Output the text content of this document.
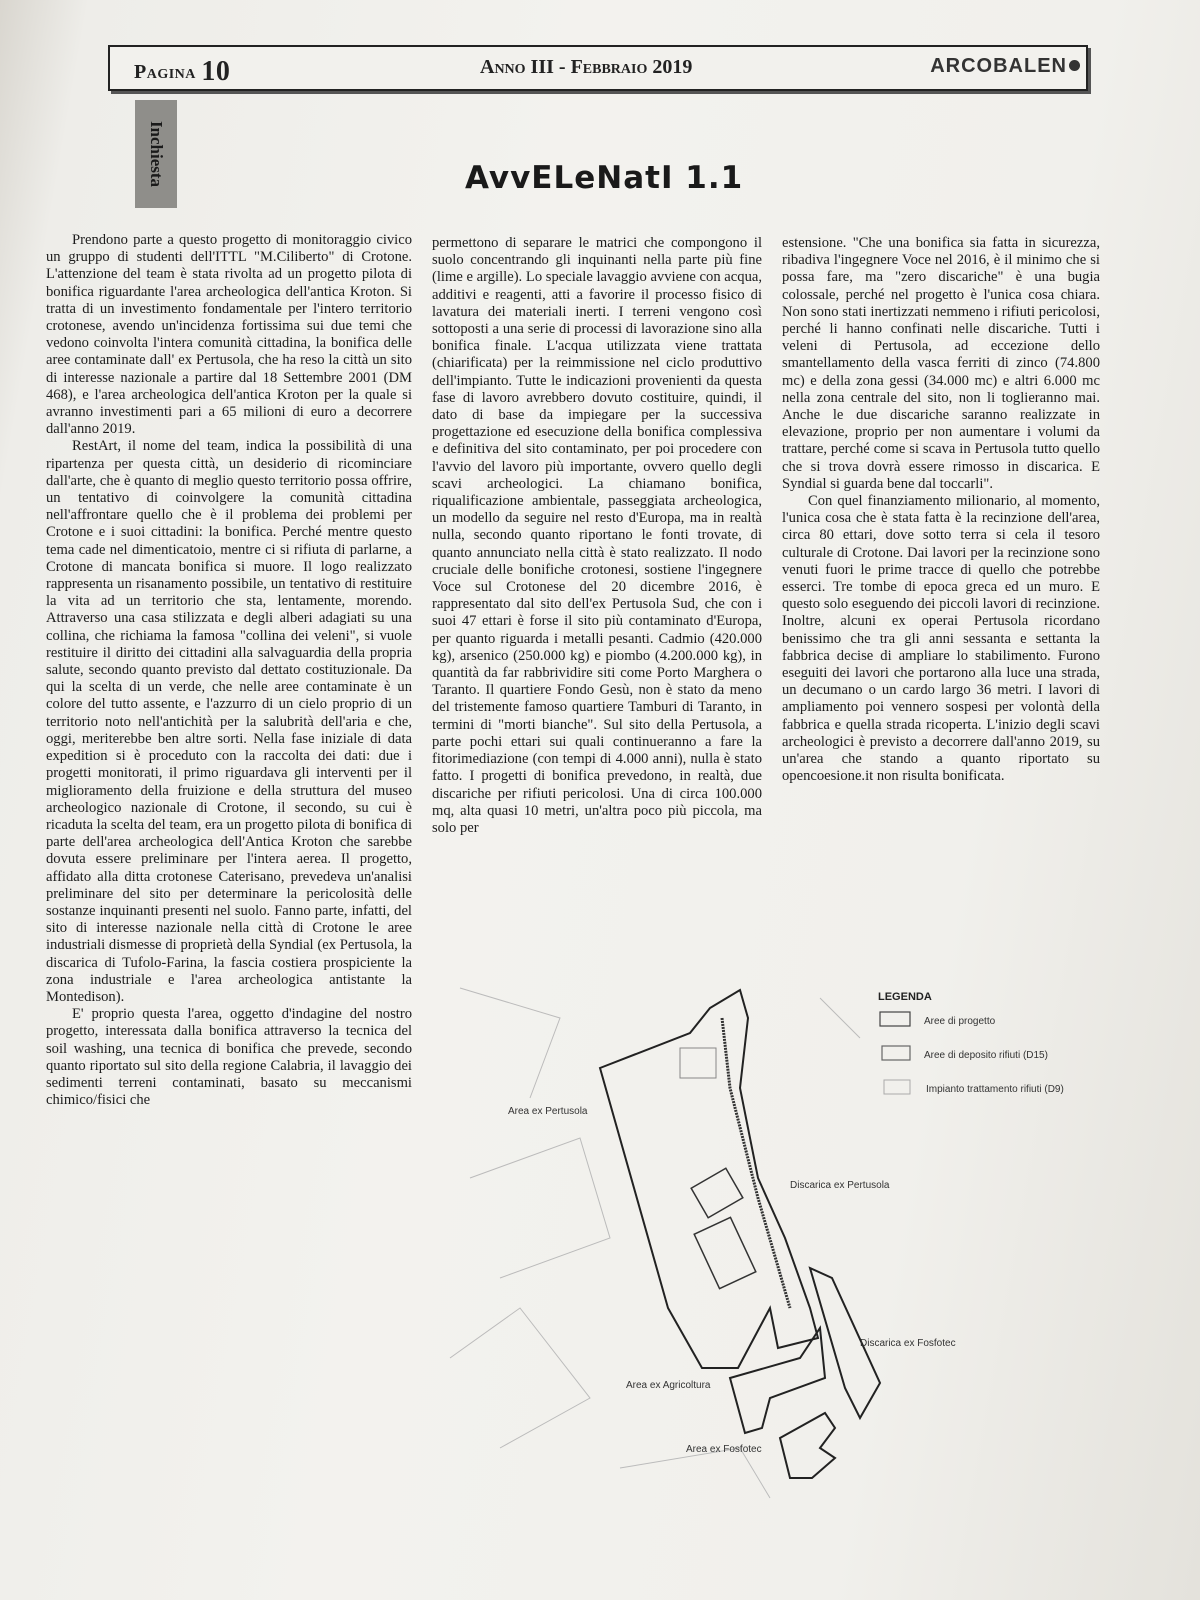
Pagina 10	Anno III - Febbraio 2019	ARCOBALEN
Inchiesta	AvvELeNatI 1.1

Prendono parte a questo progetto di monitoraggio civico un gruppo di studenti dell'ITTL "M.Ciliberto" di Crotone. L'attenzione del team è stata rivolta ad un progetto pilota di bonifica riguardante l'area archeologica dell'antica Kroton. Si tratta di un investimento fondamentale per l'intero territorio crotonese, avendo un'incidenza fortissima sui due temi che vedono coinvolta l'intera comunità cittadina, la bonifica delle aree contaminate dall' ex Pertusola, che ha reso la città un sito di interesse nazionale a partire dal 18 Settembre 2001 (DM 468), e l'area archeologica dell'antica Kroton per la quale si avranno investimenti pari a 65 milioni di euro a decorrere dall'anno 2019.

RestArt, il nome del team, indica la possibilità di una ripartenza per questa città, un desiderio di ricominciare dall'arte, che è quanto di meglio questo territorio possa offrire, un tentativo di coinvolgere la comunità cittadina nell'affrontare quello che è il problema dei problemi per Crotone e i suoi cittadini: la bonifica. Perché mentre questo tema cade nel dimenticatoio, mentre ci si rifiuta di parlarne, a Crotone di mancata bonifica si muore. Il logo realizzato rappresenta un risanamento possibile, un tentativo di restituire la vita ad un territorio che sta, lentamente, morendo. Attraverso una casa stilizzata e degli alberi adagiati su una collina, che richiama la famosa "collina dei veleni", si vuole restituire il diritto dei cittadini alla salvaguardia della propria salute, secondo quanto previsto dal dettato costituzionale. Da qui la scelta di un verde, che nelle aree contaminate è un colore del tutto assente, e l'azzurro di un cielo proprio di un territorio noto nell'antichità per la salubrità dell'aria e che, oggi, meriterebbe ben altre sorti. Nella fase iniziale di data expedition si è proceduto con la raccolta dei dati: due i progetti monitorati, il primo riguardava gli interventi per il miglioramento della fruizione e della struttura del museo archeologico nazionale di Crotone, il secondo, su cui è ricaduta la scelta del team, era un progetto pilota di bonifica di parte dell'area archeologica dell'Antica Kroton che sarebbe dovuta essere preliminare per l'intera aerea. Il progetto, affidato alla ditta crotonese Caterisano, prevedeva un'analisi preliminare del sito per determinare la pericolosità delle sostanze inquinanti presenti nel suolo. Fanno parte, infatti, del sito di interesse nazionale nella città di Crotone le aree industriali dismesse di proprietà della Syndial (ex Pertusola, la discarica di Tufolo-Farina, la fascia costiera prospiciente la zona industriale e l'area archeologica antistante la Montedison).

E' proprio questa l'area, oggetto d'indagine del nostro progetto, interessata dalla bonifica attraverso la tecnica del soil washing, una tecnica di bonifica che prevede, secondo quanto riportato sul sito della regione Calabria, il lavaggio dei sedimenti terreni contaminati, basato su meccanismi chimico/fisici che

permettono di separare le matrici che compongono il suolo concentrando gli inquinanti nella parte più fine (lime e argille). Lo speciale lavaggio avviene con acqua, additivi e reagenti, atti a favorire il processo fisico di lavatura dei materiali inerti. I terreni vengono così sottoposti a una serie di processi di lavorazione sino alla bonifica finale. L'acqua utilizzata viene trattata (chiarificata) per la reimmissione nel ciclo produttivo dell'impianto. Tutte le indicazioni provenienti da questa fase di lavoro avrebbero dovuto costituire, quindi, il dato di base da impiegare per la successiva progettazione ed esecuzione della bonifica complessiva e definitiva del sito contaminato, per poi procedere con l'avvio del lavoro più importante, ovvero quello degli scavi archeologici. La chiamano bonifica, riqualificazione ambientale, passeggiata archeologica, un modello da seguire nel resto d'Europa, ma in realtà nulla, secondo quanto riportano le fonti trovate, di quanto annunciato nella città è stato realizzato. Il nodo cruciale delle bonifiche crotonesi, sostiene l'ingegnere Voce sul Crotonese del 20 dicembre 2016, è rappresentato dal sito dell'ex Pertusola Sud, che con i suoi 47 ettari è forse il sito più contaminato d'Europa, per quanto riguarda i metalli pesanti. Cadmio (420.000 kg), arsenico (250.000 kg) e piombo (4.200.000 kg), in quantità da far rabbrividire siti come Porto Marghera o Taranto. Il quartiere Fondo Gesù, non è stato da meno del tristemente famoso quartiere Tamburi di Taranto, in termini di "morti bianche". Sul sito della Pertusola, a parte pochi ettari sui quali continueranno a fare la fitorimediazione (con tempi di 4.000 anni), nulla è stato fatto. I progetti di bonifica prevedono, in realtà, due discariche per rifiuti pericolosi. Una di circa 100.000 mq, alta quasi 10 metri, un'altra poco più piccola, ma solo per

estensione. "Che una bonifica sia fatta in sicurezza, ribadiva l'ingegnere Voce nel 2016, è il minimo che si possa fare, ma "zero discariche" è una bugia colossale, perché nel progetto è l'unica cosa chiara. Non sono stati inertizzati nemmeno i rifiuti pericolosi, perché li hanno confinati nelle discariche. Tutti i veleni di Pertusola, ad eccezione dello smantellamento della vasca ferriti di zinco (74.800 mc) e della zona gessi (34.000 mc) e altri 6.000 mc nella zona centrale del sito, non li toglieranno mai. Anche le due discariche saranno realizzate in elevazione, proprio per non aumentare i volumi da trattare, perché come si scava in Pertusola tutto quello che si trova dovrà essere rimosso in discarica. E Syndial si guarda bene dal toccarli".

Con quel finanziamento milionario, al momento, l'unica cosa che è stata fatta è la recinzione dell'area, circa 80 ettari, dove sotto terra si cela il tesoro culturale di Crotone. Dai lavori per la recinzione sono venuti fuori le prime tracce di quello che potrebbe esserci. Tre tombe di epoca greca ed un muro. E questo solo eseguendo dei piccoli lavori di recinzione. Inoltre, alcuni ex operai Pertusola ricordano benissimo che tra gli anni sessanta e settanta la fabbrica decise di ampliare lo stabilimento. Furono eseguiti dei lavori che portarono alla luce una strada, un decumano o un cardo largo 36 metri. I lavori di ampliamento poi vennero sospesi per volontà della fabbrica e quella strada ricoperta. L'inizio degli scavi archeologici è previsto a decorrere dall'anno 2019, su un'area che stando a quanto riportato su opencoesione.it non risulta bonificata.

Area ex Pertusola
Discarica ex Pertusola
Discarica ex Fosfotec
Area ex Agricoltura
Area ex Fosfotec
LEGENDA
Aree di progetto
Aree di deposito rifiuti (D15)
Impianto trattamento rifiuti (D9)
